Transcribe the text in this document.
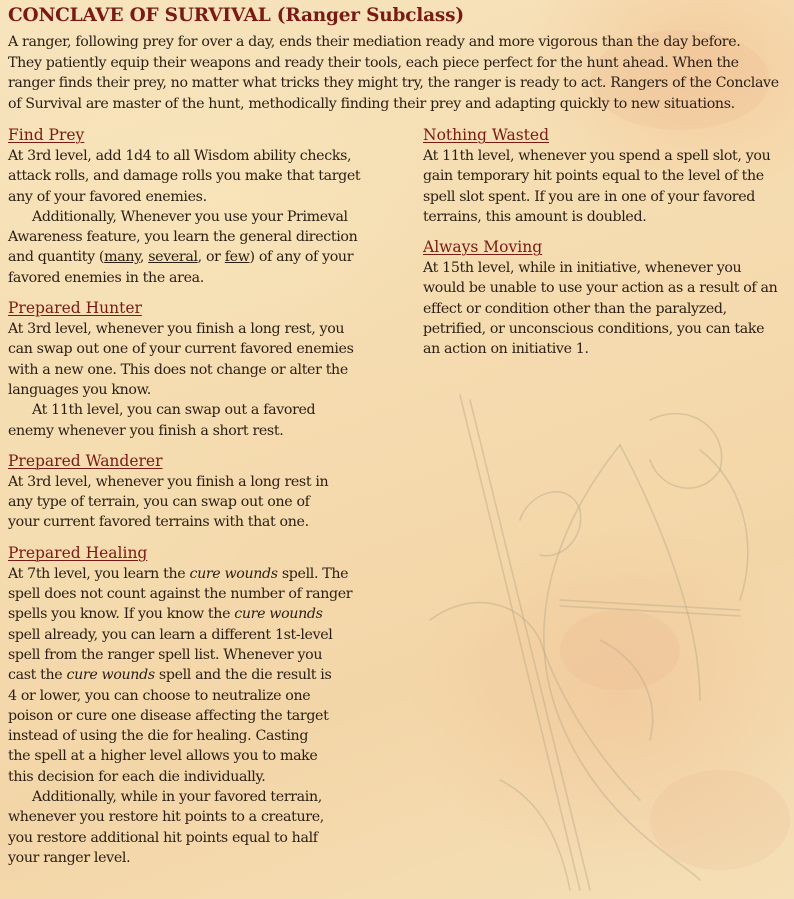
CONCLAVE OF SURVIVAL (Ranger Subclass)
A ranger, following prey for over a day, ends their mediation ready and more vigorous than the day before.
They patiently equip their weapons and ready their tools, each piece perfect for the hunt ahead. When the
ranger finds their prey, no matter what tricks they might try, the ranger is ready to act. Rangers of the Conclave
of Survival are master of the hunt, methodically finding their prey and adapting quickly to new situations.
Find Prey
At 3rd level, add 1d4 to all Wisdom ability checks,
attack rolls, and damage rolls you make that target
any of your favored enemies.
Additionally, Whenever you use your Primeval
Awareness feature, you learn the general direction
and quantity (many, several, or few) of any of your
favored enemies in the area.
Prepared Hunter
At 3rd level, whenever you finish a long rest, you
can swap out one of your current favored enemies
with a new one. This does not change or alter the
languages you know.
At 11th level, you can swap out a favored
enemy whenever you finish a short rest.
Prepared Wanderer
At 3rd level, whenever you finish a long rest in
any type of terrain, you can swap out one of
your current favored terrains with that one.
Prepared Healing
At 7th level, you learn the cure wounds spell. The
spell does not count against the number of ranger
spells you know. If you know the cure wounds
spell already, you can learn a different 1st-level
spell from the ranger spell list. Whenever you
cast the cure wounds spell and the die result is
4 or lower, you can choose to neutralize one
poison or cure one disease affecting the target
instead of using the die for healing. Casting
the spell at a higher level allows you to make
this decision for each die individually.
Additionally, while in your favored terrain,
whenever you restore hit points to a creature,
you restore additional hit points equal to half
your ranger level.
Nothing Wasted
At 11th level, whenever you spend a spell slot, you
gain temporary hit points equal to the level of the
spell slot spent. If you are in one of your favored
terrains, this amount is doubled.
Always Moving
At 15th level, while in initiative, whenever you
would be unable to use your action as a result of an
effect or condition other than the paralyzed,
petrified, or unconscious conditions, you can take
an action on initiative 1.
